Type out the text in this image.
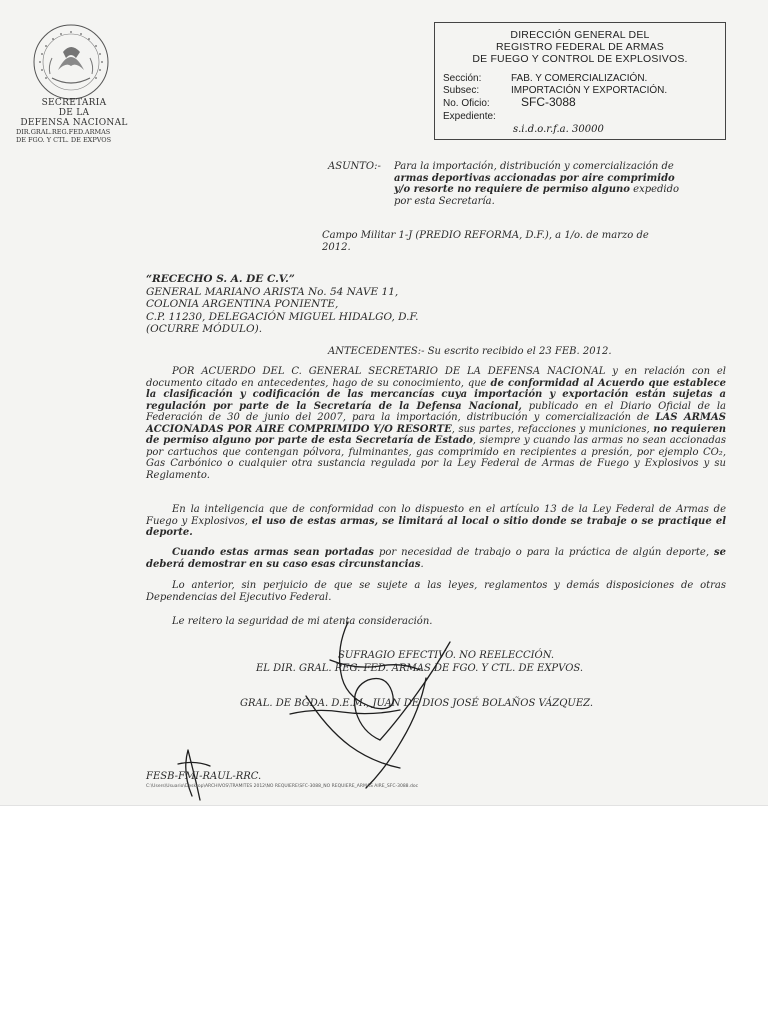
SECRETARIA
DE LA
DEFENSA NACIONAL
DIR.GRAL.REG.FED.ARMAS
DE FGO. Y CTL. DE EXPVOS
DIRECCIÓN GENERAL DEL
REGISTRO FEDERAL DE ARMAS
DE FUEGO Y CONTROL DE EXPLOSIVOS.
Sección:	FAB. Y COMERCIALIZACIÓN.
Subsec:	IMPORTACIÓN Y EXPORTACIÓN.
No. Oficio:	SFC-3088
Expediente:
s.i.d.o.r.f.a. 30000
ASUNTO:- Para la importación, distribución y comercialización de
armas deportivas accionadas por aire comprimido
y/o resorte no requiere de permiso alguno expedido
por esta Secretaría.
Campo Militar 1-J (PREDIO REFORMA, D.F.), a 1/o. de marzo de
2012.
“RECECHO S. A. DE C.V.”
GENERAL MARIANO ARISTA No. 54 NAVE 11,
COLONIA ARGENTINA PONIENTE,
C.P. 11230, DELEGACIÓN MIGUEL HIDALGO, D.F.
(OCURRE MÓDULO).
ANTECEDENTES:- Su escrito recibido el 23 FEB. 2012.
POR ACUERDO DEL C. GENERAL SECRETARIO DE LA DEFENSA NACIONAL y en relación con el documento citado en antecedentes, hago de su conocimiento, que de conformidad al Acuerdo que establece la clasificación y codificación de las mercancías cuya importación y exportación están sujetas a regulación por parte de la Secretaría de la Defensa Nacional, publicado en el Diario Oficial de la Federación de 30 de junio del 2007, para la importación, distribución y comercialización de LAS ARMAS ACCIONADAS POR AIRE COMPRIMIDO Y/O RESORTE, sus partes, refacciones y municiones, no requieren de permiso alguno por parte de esta Secretaría de Estado, siempre y cuando las armas no sean accionadas por cartuchos que contengan pólvora, fulminantes, gas comprimido en recipientes a presión, por ejemplo CO₂, Gas Carbónico o cualquier otra sustancia regulada por la Ley Federal de Armas de Fuego y Explosivos y su Reglamento.
En la inteligencia que de conformidad con lo dispuesto en el artículo 13 de la Ley Federal de Armas de Fuego y Explosivos, el uso de estas armas, se limitará al local o sitio donde se trabaje o se practique el deporte.
Cuando estas armas sean portadas por necesidad de trabajo o para la práctica de algún deporte, se deberá demostrar en su caso esas circunstancias.
Lo anterior, sin perjuicio de que se sujete a las leyes, reglamentos y demás disposiciones de otras Dependencias del Ejecutivo Federal.
Le reitero la seguridad de mi atenta consideración.
SUFRAGIO EFECTIVO. NO REELECCIÓN.
EL DIR. GRAL. REG. FED. ARMAS DE FGO. Y CTL. DE EXPVOS.
GRAL. DE BGDA. D.E.M., JUAN DE DIOS JOSÉ BOLAÑOS VÁZQUEZ.
FESB-FMI-RAUL-RRC.
C:\Users\Usuario\Desktop\ARCHIVOS\TRAMITES 2012\NO REQUIERE\SFC-3088_NO REQUIERE_ARMAS AIRE_SFC-3088.doc
